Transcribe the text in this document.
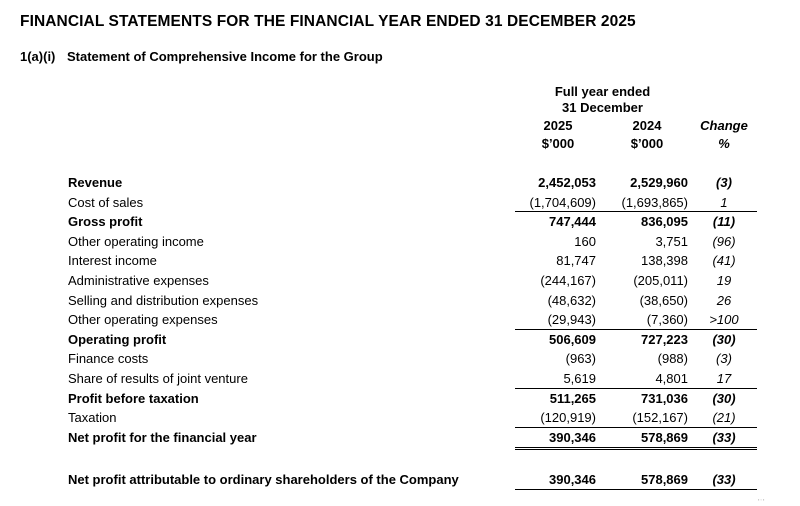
FINANCIAL STATEMENTS FOR THE FINANCIAL YEAR ENDED 31 DECEMBER 2025
1(a)(i) Statement of Comprehensive Income for the Group
Full year ended
31 December
2025	2024	Change
$’000	$’000	%
Revenue	2,452,053	2,529,960	(3)
Cost of sales	(1,704,609)	(1,693,865)	1
Gross profit	747,444	836,095	(11)
Other operating income	160	3,751	(96)
Interest income	81,747	138,398	(41)
Administrative expenses	(244,167)	(205,011)	19
Selling and distribution expenses	(48,632)	(38,650)	26
Other operating expenses	(29,943)	(7,360)	>100
Operating profit	506,609	727,223	(30)
Finance costs	(963)	(988)	(3)
Share of results of joint venture	5,619	4,801	17
Profit before taxation	511,265	731,036	(30)
Taxation	(120,919)	(152,167)	(21)
Net profit for the financial year	390,346	578,869	(33)
Net profit attributable to ordinary shareholders of the Company	390,346	578,869	(33)
▪ ▫ ▪
